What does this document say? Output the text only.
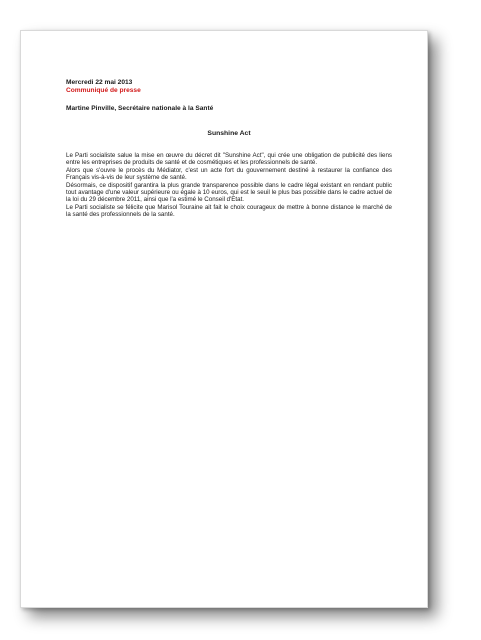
Mercredi 22 mai 2013

Communiqué de presse

Martine Pinville, Secrétaire nationale à la Santé

Sunshine Act

Le Parti socialiste salue la mise en œuvre du décret dit "Sunshine Act", qui crée une obligation de publicité des liens entre les entreprises de produits de santé et de cosmétiques et les professionnels de santé.

Alors que s'ouvre le procès du Médiator, c'est un acte fort du gouvernement destiné à restaurer la confiance des Français vis-à-vis de leur système de santé.

Désormais, ce dispositif garantira la plus grande transparence possible dans le cadre légal existant en rendant public tout avantage d'une valeur supérieure ou égale à 10 euros, qui est le seuil le plus bas possible dans le cadre actuel de la loi du 29 décembre 2011, ainsi que l'a estimé le Conseil d'Etat.

Le Parti socialiste se félicite que Marisol Touraine ait fait le choix courageux de mettre à bonne distance le marché de la santé des professionnels de la santé.
